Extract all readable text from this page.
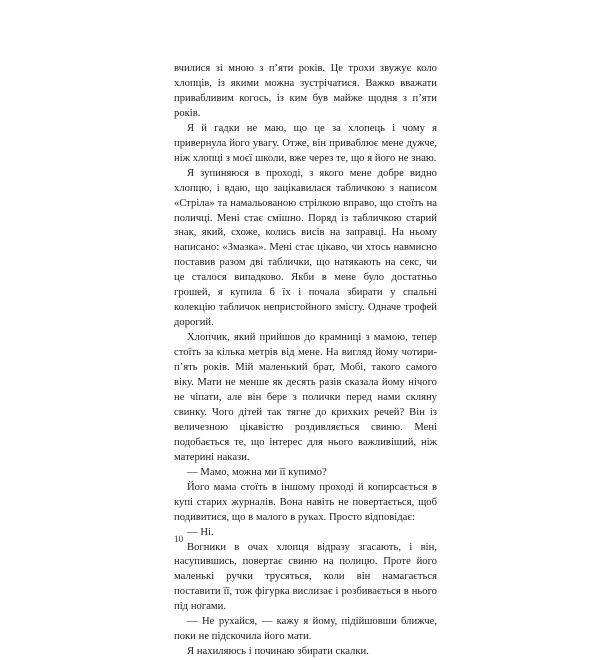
вчилися зі мною з п’яти років. Це трохи звужує коло хлопців, із якими можна зустрічатися. Важко вважати привабливим когось, із ким був майже щодня з п’яти років.

Я й гадки не маю, що це за хлопець і чому я привернула його увагу. Отже, він приваблює мене дужче, ніж хлопці з моєї школи, вже через те, що я його не знаю.

Я зупиняюся в проході, з якого мене добре видно хлопцю, і вдаю, що зацікавилася табличкою з написом «Стріла» та намальованою стрілкою вправо, що стоїть на поличці. Мені стає смішно. Поряд із табличкою старий знак, який, схоже, колись висів на заправці. На ньому написано: «Змазка». Мені стає цікаво, чи хтось навмисно поставив разом дві таблички, що натякають на секс, чи це сталося випадково. Якби в мене було достатньо грошей, я купила б їх і почала збирати у спальні колекцію табличок непристойного змісту. Одначе трофей дорогий.

Хлопчик, який прийшов до крамниці з мамою, тепер стоїть за кілька метрів від мене. На вигляд йому чотири-п’ять років. Мій маленький брат, Мобі, такого самого віку. Мати не менше як десять разів сказала йому нічого не чіпати, але він бере з полички перед нами скляну свинку. Чого дітей так тягне до крихких речей? Він із величезною цікавістю роздивляється свиню. Мені подобається те, що інтерес для нього важливіший, ніж материні накази.

— Мамо, можна ми її купимо?

Його мама стоїть в іншому проході й копирсається в купі старих журналів. Вона навіть не повертається, щоб подивитися, що в малого в руках. Просто відповідає:

— Ні.

Вогники в очах хлопця відразу згасають, і він, насупившись, повертає свиню на полицю. Проте його маленькі ручки трусяться, коли він намагається поставити її, тож фігурка вислизає і розбивається в нього під ногами.

— Не рухайся, — кажу я йому, підійшовши ближче, поки не підскочила його мати.

Я нахиляюсь і починаю збирати скалки.

10
